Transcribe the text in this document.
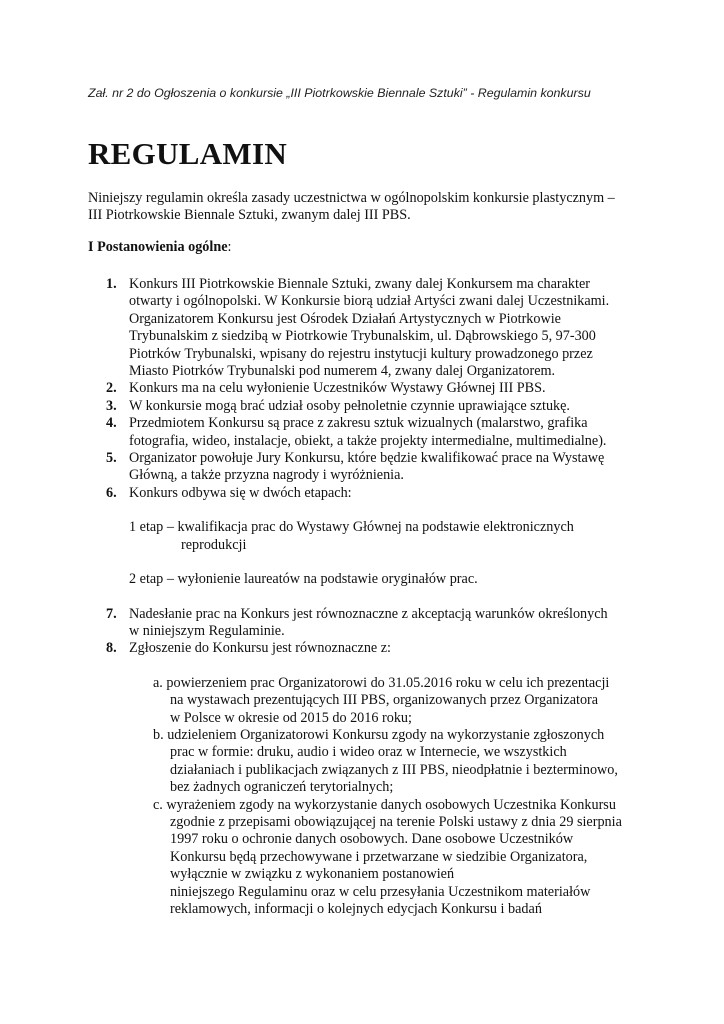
Zał. nr 2 do Ogłoszenia o konkursie „III Piotrkowskie Biennale Sztuki” - Regulamin konkursu
REGULAMIN
Niniejszy regulamin określa zasady uczestnictwa w ogólnopolskim konkursie plastycznym –
III Piotrkowskie Biennale Sztuki, zwanym dalej III PBS.
I Postanowienia ogólne:
1. Konkurs III Piotrkowskie Biennale Sztuki, zwany dalej Konkursem ma charakter
otwarty i ogólnopolski. W Konkursie biorą udział Artyści zwani dalej Uczestnikami.
Organizatorem Konkursu jest Ośrodek Działań Artystycznych w Piotrkowie
Trybunalskim z siedzibą w Piotrkowie Trybunalskim, ul. Dąbrowskiego 5, 97-300
Piotrków Trybunalski, wpisany do rejestru instytucji kultury prowadzonego przez
Miasto Piotrków Trybunalski pod numerem 4, zwany dalej Organizatorem.
2. Konkurs ma na celu wyłonienie Uczestników Wystawy Głównej III PBS.
3. W konkursie mogą brać udział osoby pełnoletnie czynnie uprawiające sztukę.
4. Przedmiotem Konkursu są prace z zakresu sztuk wizualnych (malarstwo, grafika
fotografia, wideo, instalacje, obiekt, a także projekty intermedialne, multimedialne).
5. Organizator powołuje Jury Konkursu, które będzie kwalifikować prace na Wystawę
Główną, a także przyzna nagrody i wyróżnienia.
6. Konkurs odbywa się w dwóch etapach:
1 etap – kwalifikacja prac do Wystawy Głównej na podstawie elektronicznych
reprodukcji
2 etap – wyłonienie laureatów na podstawie oryginałów prac.
7. Nadesłanie prac na Konkurs jest równoznaczne z akceptacją warunków określonych
w niniejszym Regulaminie.
8. Zgłoszenie do Konkursu jest równoznaczne z:
a. powierzeniem prac Organizatorowi do 31.05.2016 roku w celu ich prezentacji
na wystawach prezentujących III PBS, organizowanych przez Organizatora
w Polsce w okresie od 2015 do 2016 roku;
b. udzieleniem Organizatorowi Konkursu zgody na wykorzystanie zgłoszonych
prac w formie: druku, audio i wideo oraz w Internecie, we wszystkich
działaniach i publikacjach związanych z III PBS, nieodpłatnie i bezterminowo,
bez żadnych ograniczeń terytorialnych;
c. wyrażeniem zgody na wykorzystanie danych osobowych Uczestnika Konkursu
zgodnie z przepisami obowiązującej na terenie Polski ustawy z dnia 29 sierpnia
1997 roku o ochronie danych osobowych. Dane osobowe Uczestników
Konkursu będą przechowywane i przetwarzane w siedzibie Organizatora,
wyłącznie w związku z wykonaniem postanowień
niniejszego Regulaminu oraz w celu przesyłania Uczestnikom materiałów
reklamowych, informacji o kolejnych edycjach Konkursu i badań
